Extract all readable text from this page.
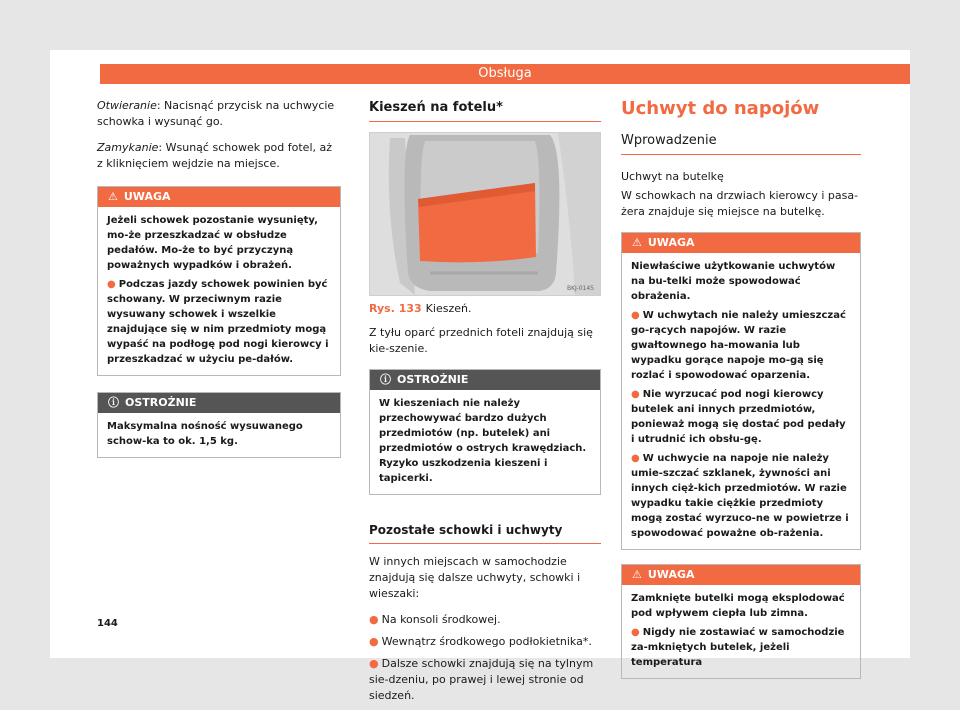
Obsługa

Otwieranie: Nacisnąć przycisk na uchwycie schowka i wysunąć go.

Zamykanie: Wsunąć schowek pod fotel, aż z kliknięciem wejdzie na miejsce.

⚠ UWAGA
Jeżeli schowek pozostanie wysunięty, mo-że przeszkadzać w obsłudze pedałów. Mo-że to być przyczyną poważnych wypadków i obrażeń.
● Podczas jazdy schowek powinien być schowany. W przeciwnym razie wysuwany schowek i wszelkie znajdujące się w nim przedmioty mogą wypaść na podłogę pod nogi kierowcy i przeszkadzać w użyciu pe-dałów.
ⓘ OSTROŻNIE
Maksymalna nośność wysuwanego schow-ka to ok. 1,5 kg.
Kieszeń na fotelu*
BKJ-0145
Rys. 133 Kieszeń.

Z tyłu oparć przednich foteli znajdują się kie-szenie.

ⓘ OSTROŻNIE
W kieszeniach nie należy przechowywać bardzo dużych przedmiotów (np. butelek) ani przedmiotów o ostrych krawędziach. Ryzyko uszkodzenia kieszeni i tapicerki.
Pozostałe schowki i uchwyty

W innych miejscach w samochodzie znajdują się dalsze uchwyty, schowki i wieszaki:

● Na konsoli środkowej.

● Wewnątrz środkowego podłokietnika*.

● Dalsze schowki znajdują się na tylnym sie-dzeniu, po prawej i lewej stronie od siedzeń.

Uchwyt do napojów
Wprowadzenie

Uchwyt na butelkę

W schowkach na drzwiach kierowcy i pasa-żera znajduje się miejsce na butelkę.

⚠ UWAGA
Niewłaściwe użytkowanie uchwytów na bu-telki może spowodować obrażenia.
● W uchwytach nie należy umieszczać go-rących napojów. W razie gwałtownego ha-mowania lub wypadku gorące napoje mo-gą się rozlać i spowodować oparzenia.
● Nie wyrzucać pod nogi kierowcy butelek ani innych przedmiotów, ponieważ mogą się dostać pod pedały i utrudnić ich obsłu-gę.
● W uchwycie na napoje nie należy umie-szczać szklanek, żywności ani innych cięż-kich przedmiotów. W razie wypadku takie ciężkie przedmioty mogą zostać wyrzuco-ne w powietrze i spowodować poważne ob-rażenia.
⚠ UWAGA
Zamknięte butelki mogą eksplodować pod wpływem ciepła lub zimna.
● Nigdy nie zostawiać w samochodzie za-mkniętych butelek, jeżeli temperatura
144
